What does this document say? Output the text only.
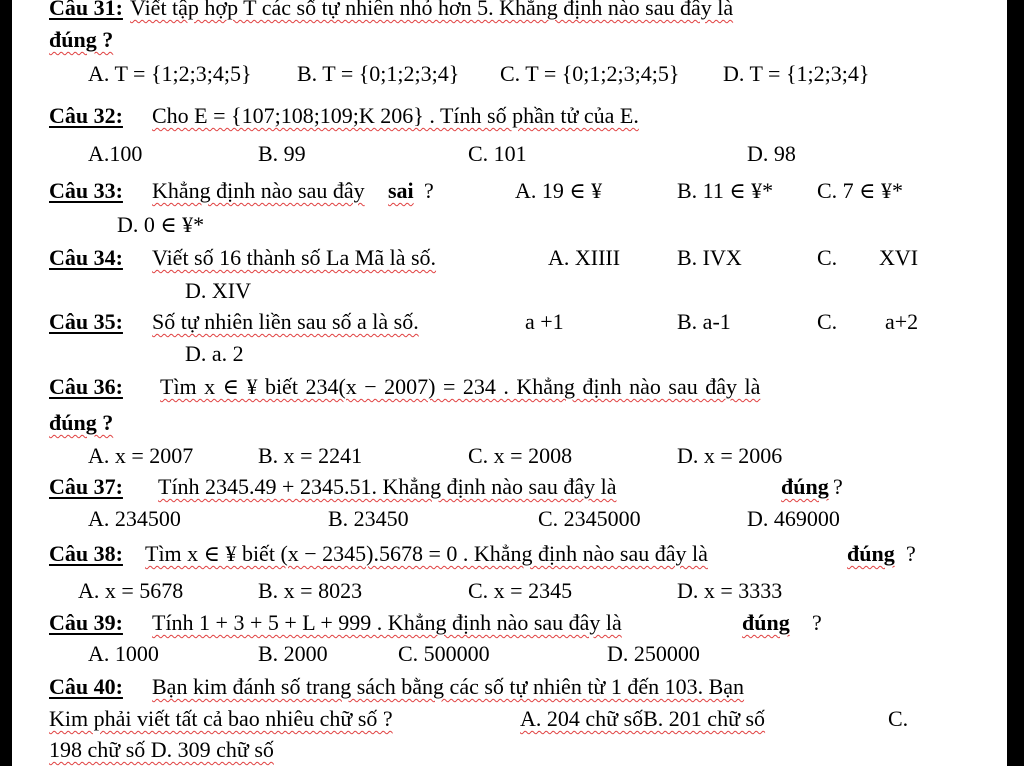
Câu 31: Viết tập hợp T các số tự nhiên nhỏ hơn 5. Khẳng định nào sau đây là
đúng ?
A. T = {1;2;3;4;5} B. T = {0;1;2;3;4} C. T = {0;1;2;3;4;5} D. T = {1;2;3;4}
Câu 32: Cho E = {107;108;109;K 206} . Tính số phần tử của E.
A.100	B. 99	C. 101	D. 98
Câu 33: Khẳng định nào sau đây sai ?	A. 19 ∈ ¥	B. 11 ∈ ¥* C. 7 ∈ ¥*
D. 0 ∈ ¥*
Câu 34: Viết số 16 thành số La Mã là số.	A. XIIII	B. IVX	C. XVI
D. XIV
Câu 35: Số tự nhiên liền sau số a là số.	a +1	B. a-1	C. a+2
D. a. 2
Câu 36: Tìm x ∈ ¥ biết 234(x − 2007) = 234 . Khẳng định nào sau đây là
đúng ?
A. x = 2007	B. x = 2241	C. x = 2008	D. x = 2006
Câu 37: Tính 2345.49 + 2345.51. Khẳng định nào sau đây là	đúng ?
A. 234500	B. 23450	C. 2345000	D. 469000
Câu 38: Tìm x ∈ ¥ biết (x − 2345).5678 = 0 . Khẳng định nào sau đây là	đúng ?
A. x = 5678	B. x = 8023	C. x = 2345	D. x = 3333
Câu 39: Tính 1 + 3 + 5 + L + 999 . Khẳng định nào sau đây là	đúng ?
A. 1000	B. 2000	C. 500000	D. 250000
Câu 40: Bạn kim đánh số trang sách bằng các số tự nhiên từ 1 đến 103. Bạn
Kim phải viết tất cả bao nhiêu chữ số ?	A. 204 chữ sốB. 201 chữ số	C.
198 chữ số D. 309 chữ số
